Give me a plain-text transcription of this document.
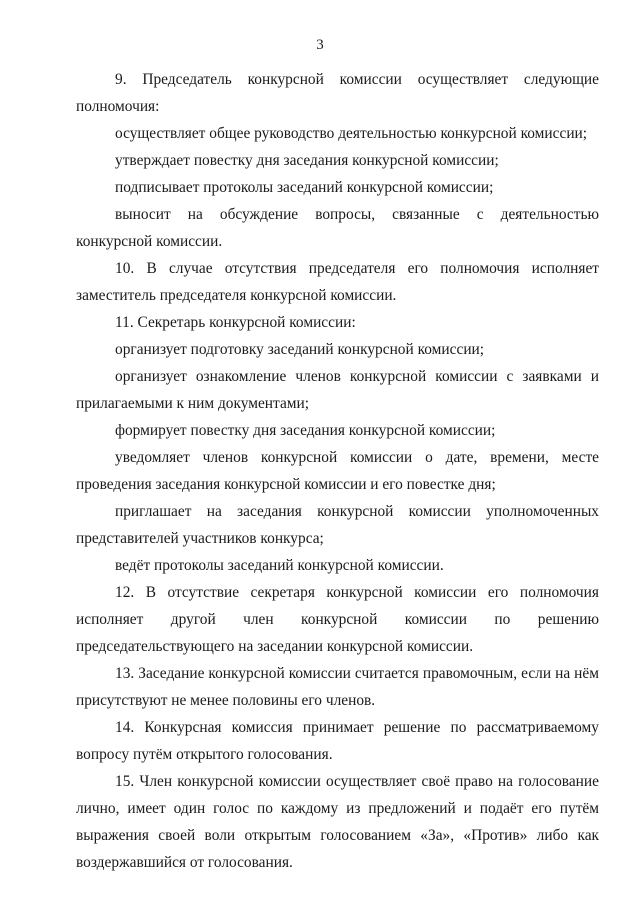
3

9. Председатель конкурсной комиссии осуществляет следующие полномочия:

осуществляет общее руководство деятельностью конкурсной комиссии;

утверждает повестку дня заседания конкурсной комиссии;

подписывает протоколы заседаний конкурсной комиссии;

выносит на обсуждение вопросы, связанные с деятельностью конкурсной комиссии.

10. В случае отсутствия председателя его полномочия исполняет заместитель председателя конкурсной комиссии.

11. Секретарь конкурсной комиссии:

организует подготовку заседаний конкурсной комиссии;

организует ознакомление членов конкурсной комиссии с заявками и прилагаемыми к ним документами;

формирует повестку дня заседания конкурсной комиссии;

уведомляет членов конкурсной комиссии о дате, времени, месте проведения заседания конкурсной комиссии и его повестке дня;

приглашает на заседания конкурсной комиссии уполномоченных представителей участников конкурса;

ведёт протоколы заседаний конкурсной комиссии.

12. В отсутствие секретаря конкурсной комиссии его полномочия исполняет другой член конкурсной комиссии по решению председательствующего на заседании конкурсной комиссии.

13. Заседание конкурсной комиссии считается правомочным, если на нём присутствуют не менее половины его членов.

14. Конкурсная комиссия принимает решение по рассматриваемому вопросу путём открытого голосования.

15. Член конкурсной комиссии осуществляет своё право на голосование лично, имеет один голос по каждому из предложений и подаёт его путём выражения своей воли открытым голосованием «За», «Против» либо как воздержавшийся от голосования.
